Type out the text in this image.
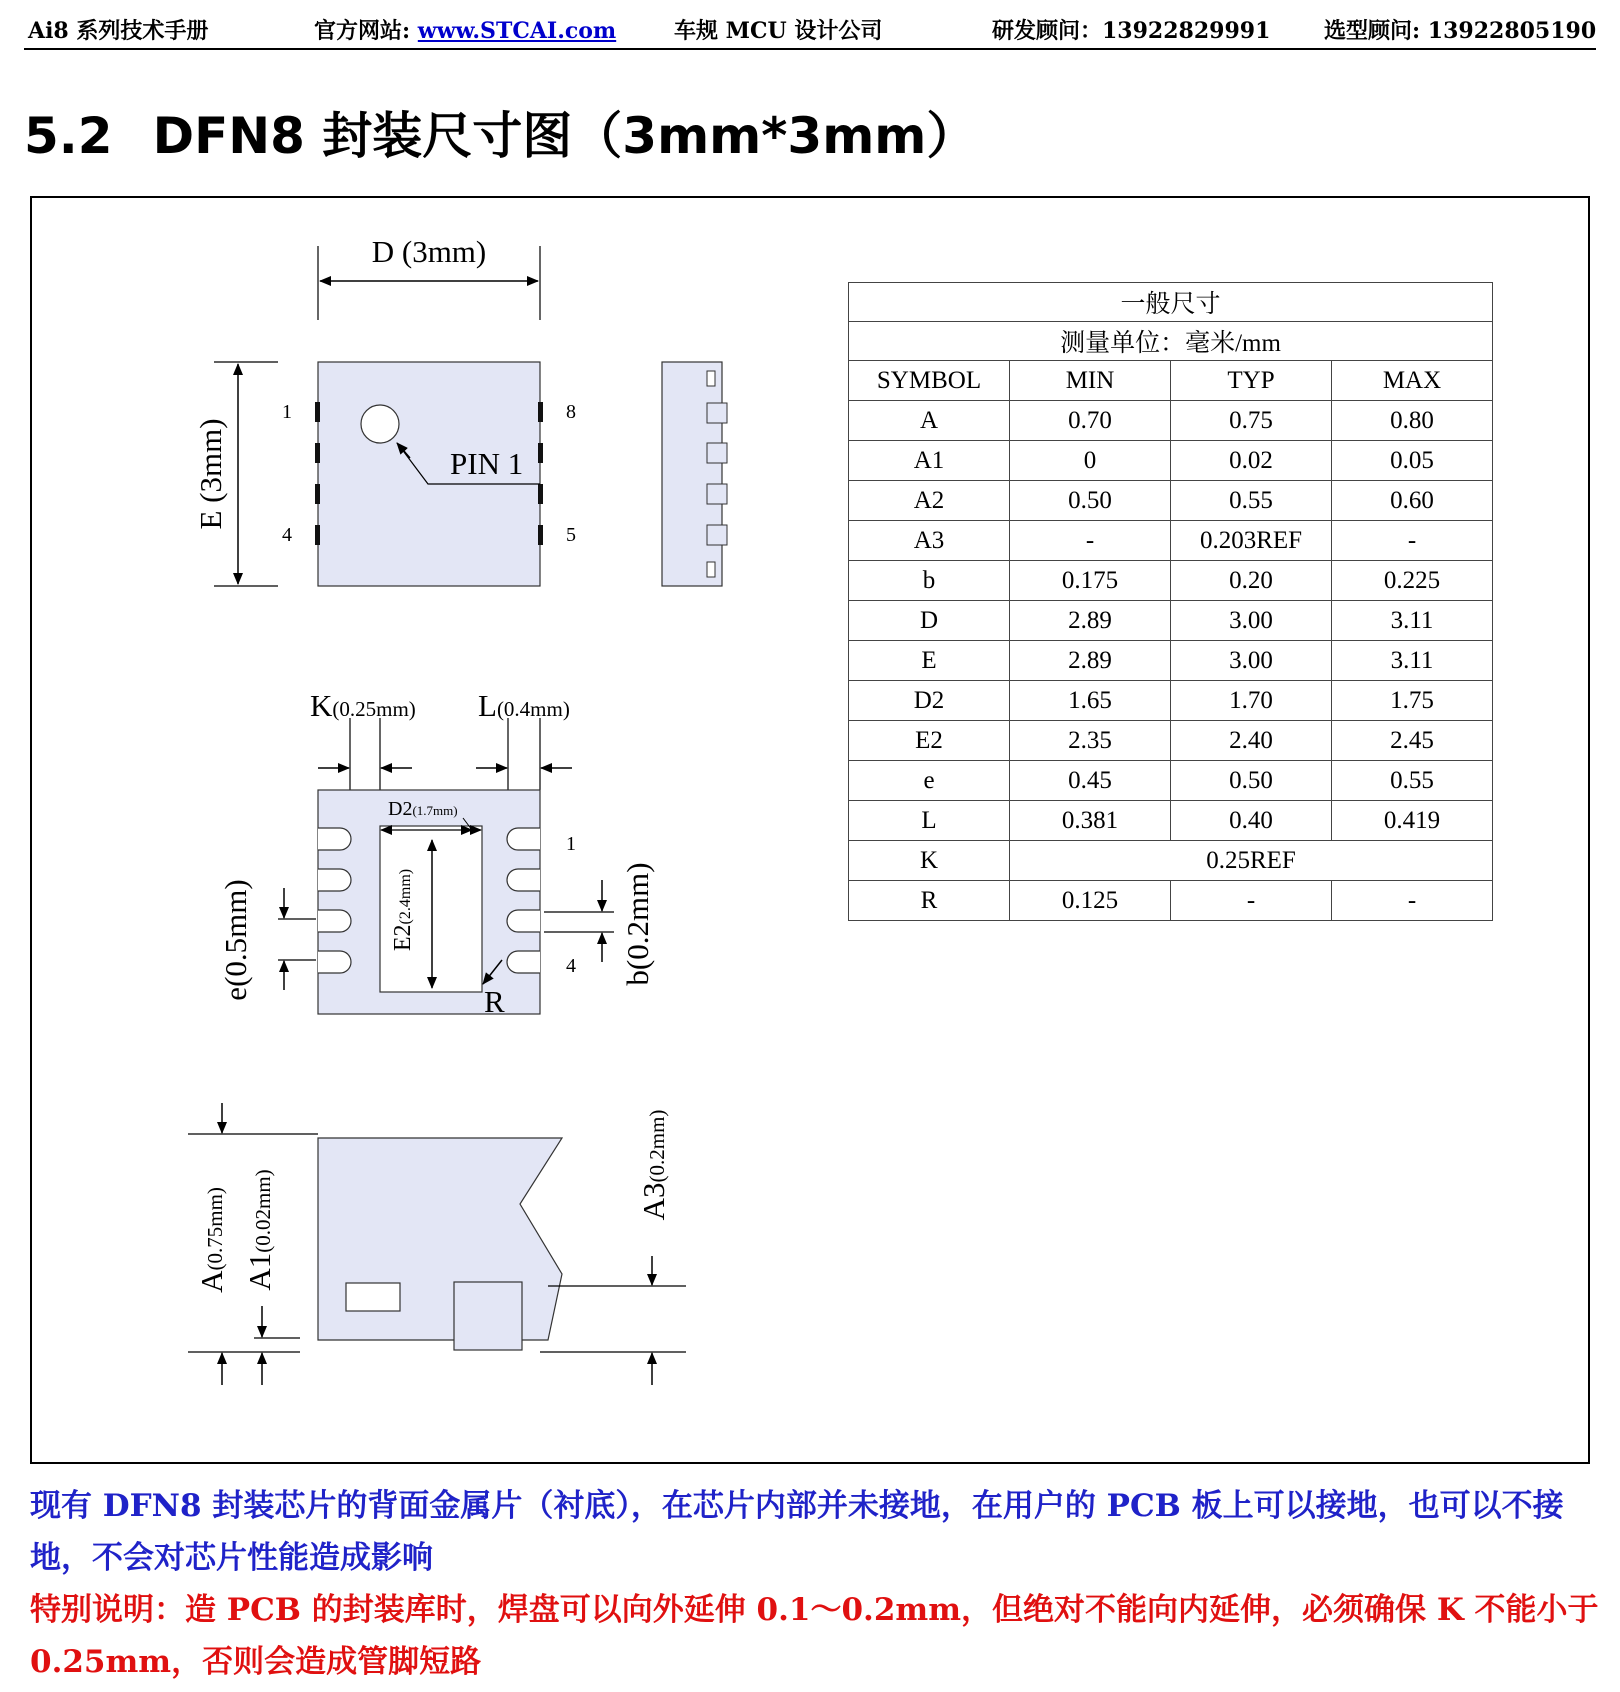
Ai8 系列技术手册	官方网站: www.STCAI.com	车规 MCU 设计公司	研发顾问：13922829991 选型顾问: 13922805190
5.2 DFN8 封装尺寸图（3mm*3mm）
D (3mm)
E (3mm)	PIN 1
1
4
8
5
K(0.25mm) L(0.4mm)
D2(1.7mm)
E2(2.4mm)
R
e(0.5mm)	b(0.2mm)
1
4
A(0.75mm)
A1(0.02mm)	A3(0.2mm)
一般尺寸			
测量单位：毫米/mm			
SYMBOL	MIN	TYP	MAX
A	0.70	0.75	0.80
A1	0	0.02	0.05
A2	0.50	0.55	0.60
A3	-	0.203REF	-
b	0.175	0.20	0.225
D	2.89	3.00	3.11
E	2.89	3.00	3.11
D2	1.65	1.70	1.75
E2	2.35	2.40	2.45
e	0.45	0.50	0.55
L	0.381	0.40	0.419
K	0.25REF		
R	0.125	-	-
现有 DFN8 封装芯片的背面金属片（衬底），在芯片内部并未接地，在用户的 PCB 板上可以接地，也可以不接地，不会对芯片性能造成影响
特别说明：造 PCB 的封装库时，焊盘可以向外延伸 0.1～0.2mm，但绝对不能向内延伸，必须确保 K 不能小于 0.25mm，否则会造成管脚短路
